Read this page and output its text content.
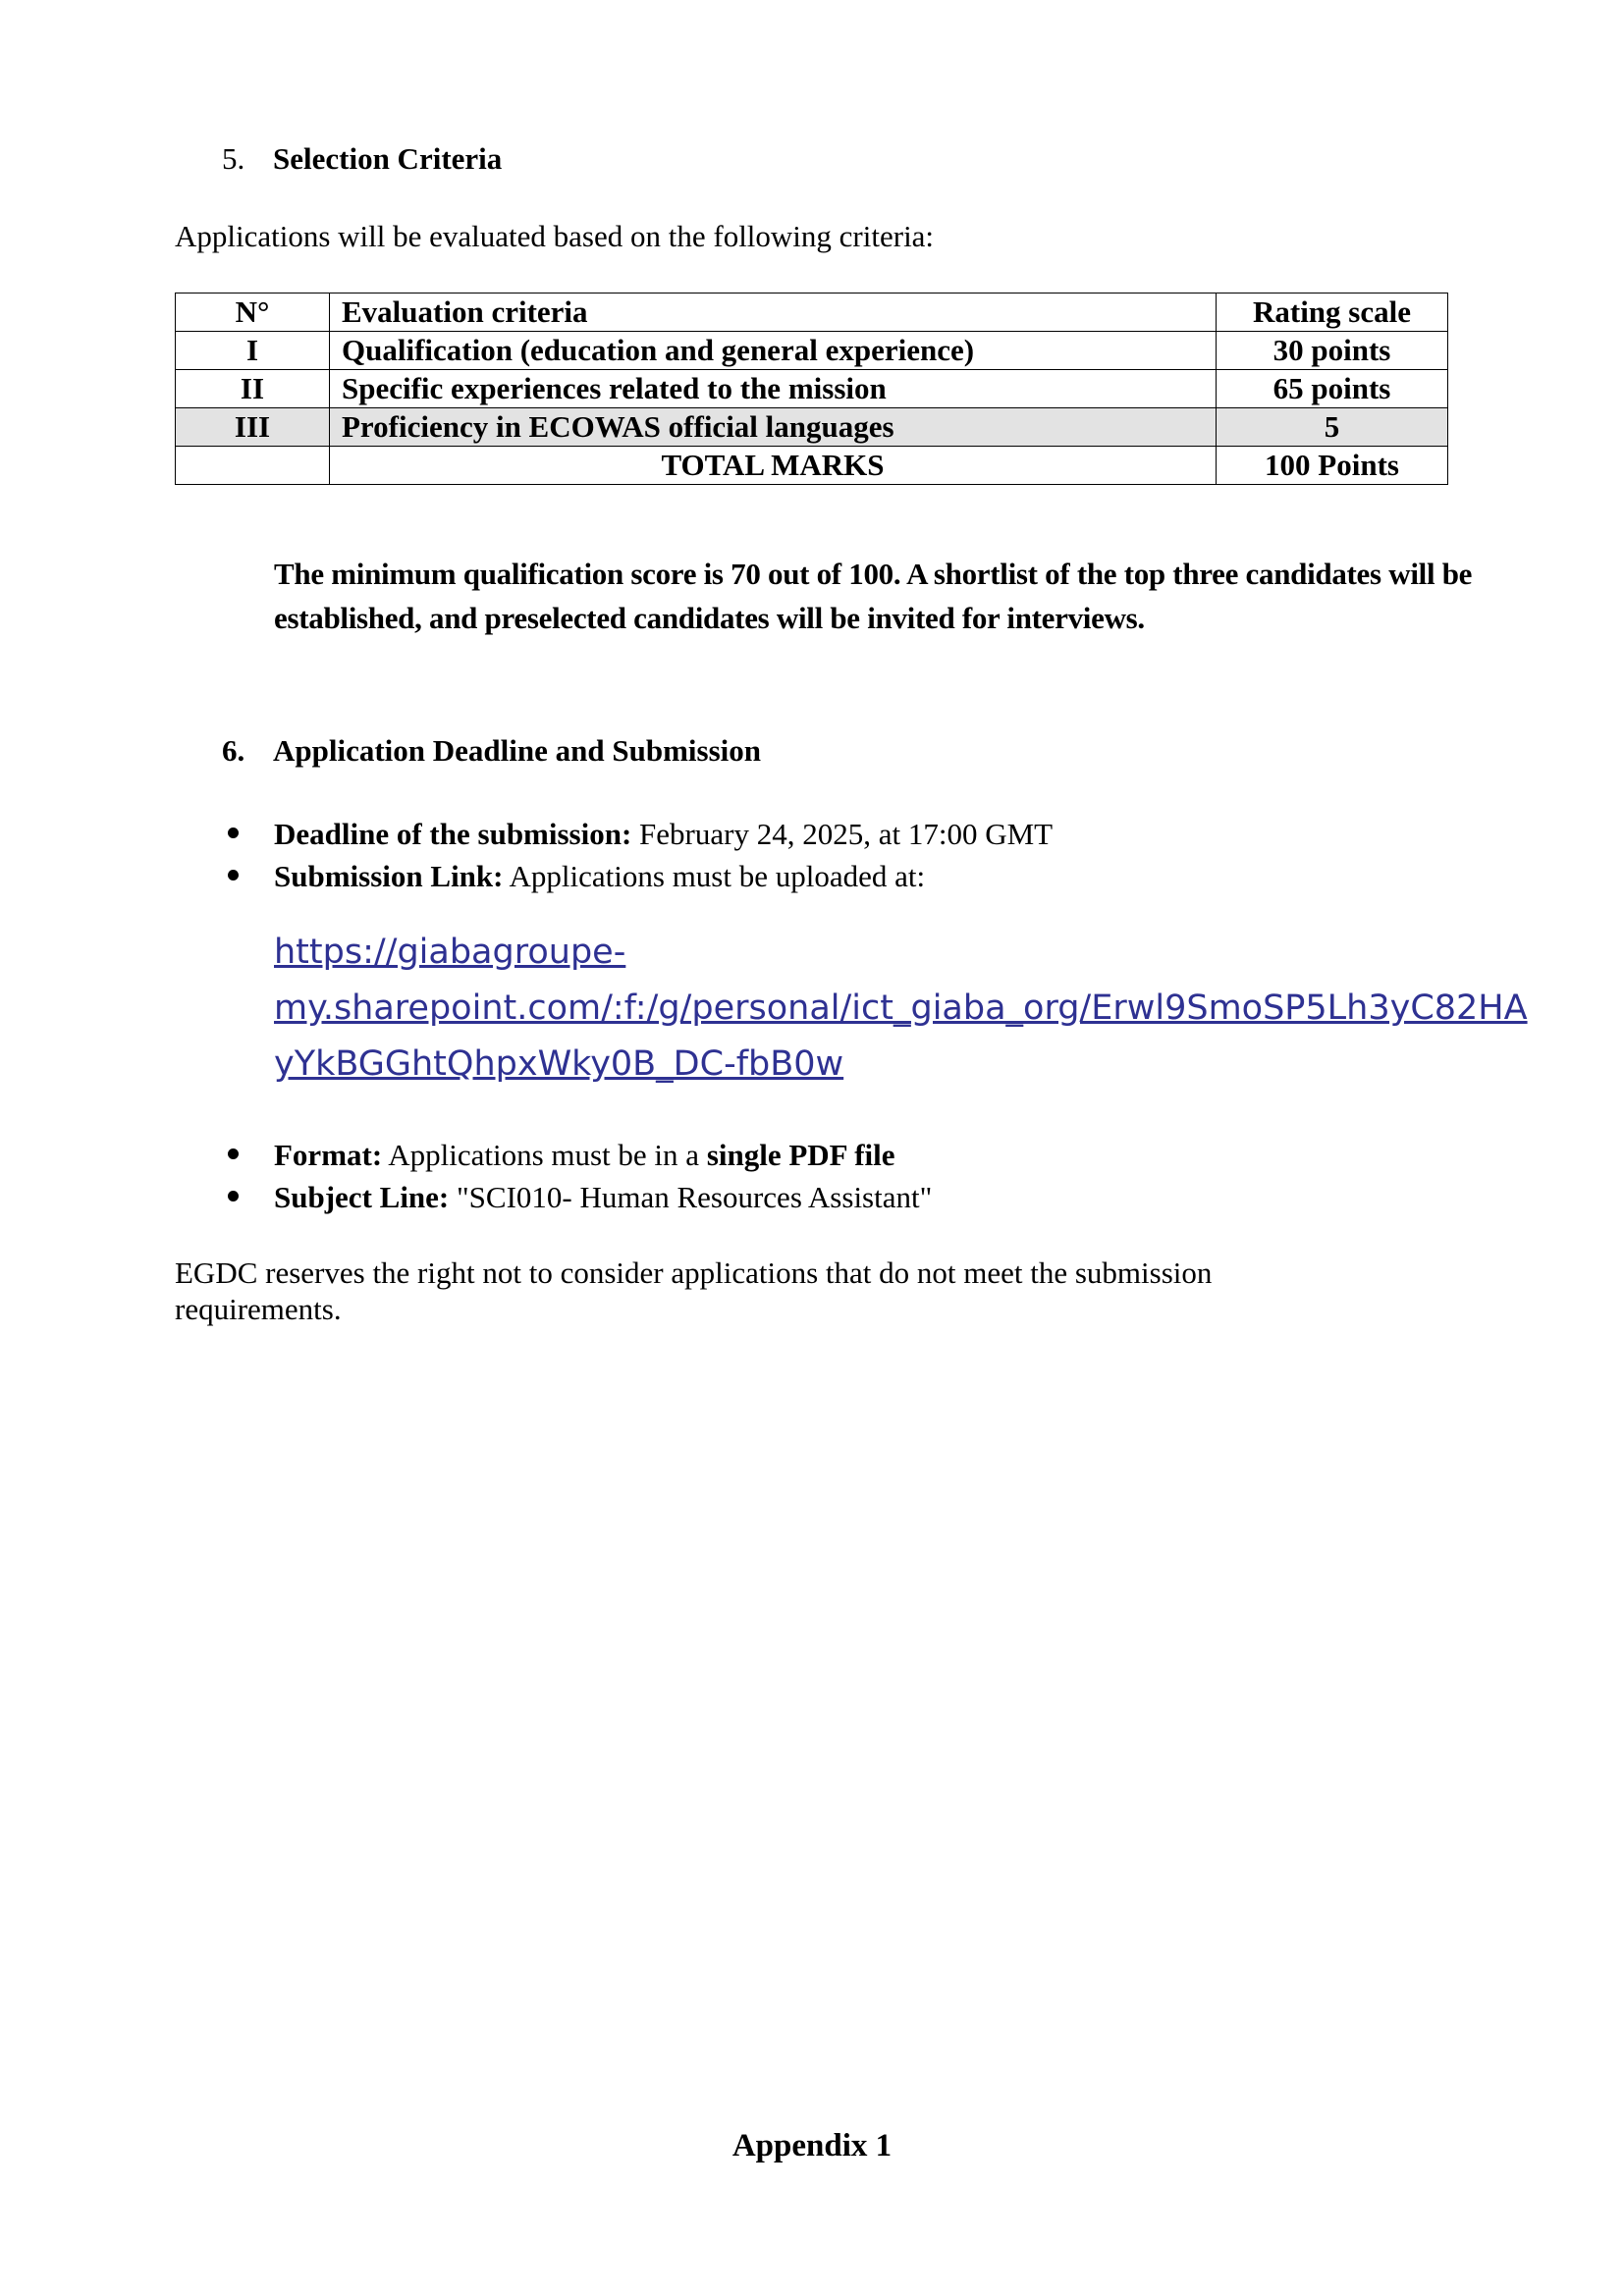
5. Selection Criteria
Applications will be evaluated based on the following criteria:
N°	Evaluation criteria	Rating scale
I	Qualification (education and general experience)	30 points
II	Specific experiences related to the mission	65 points
III	Proficiency in ECOWAS official languages	5
	TOTAL MARKS	100 Points
The minimum qualification score is 70 out of 100. A shortlist of the top three candidates will be established, and preselected candidates will be invited for interviews.
6. Application Deadline and Submission
Deadline of the submission: February 24, 2025, at 17:00 GMT
Submission Link: Applications must be uploaded at:
https://giabagroupe-
my.sharepoint.com/:f:/g/personal/ict_giaba_org/Erwl9SmoSP5Lh3yC82HA
yYkBGGhtQhpxWky0B_DC-fbB0w
Format: Applications must be in a single PDF file
Subject Line: "SCI010- Human Resources Assistant"
EGDC reserves the right not to consider applications that do not meet the submission
requirements.
Appendix 1
